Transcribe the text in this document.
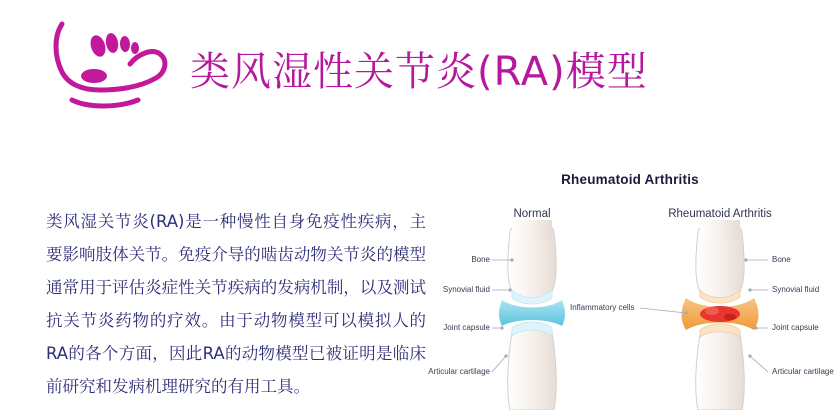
类风湿性关节炎(RA)模型
类风湿关节炎(RA)是一种慢性自身免疫性疾病，主要影响肢体关节。免疫介导的啮齿动物关节炎的模型通常用于评估炎症性关节疾病的发病机制，以及测试抗关节炎药物的疗效。由于动物模型可以模拟人的RA的各个方面，因此RA的动物模型已被证明是临床前研究和发病机理研究的有用工具。
Rheumatoid Arthritis
Normal	Rheumatoid Arthritis
Bone
Synovial fluid
Joint capsule
Articular cartilage
Bone
Synovial fluid
Joint capsule
Articular cartilage
Inflammatory cells
